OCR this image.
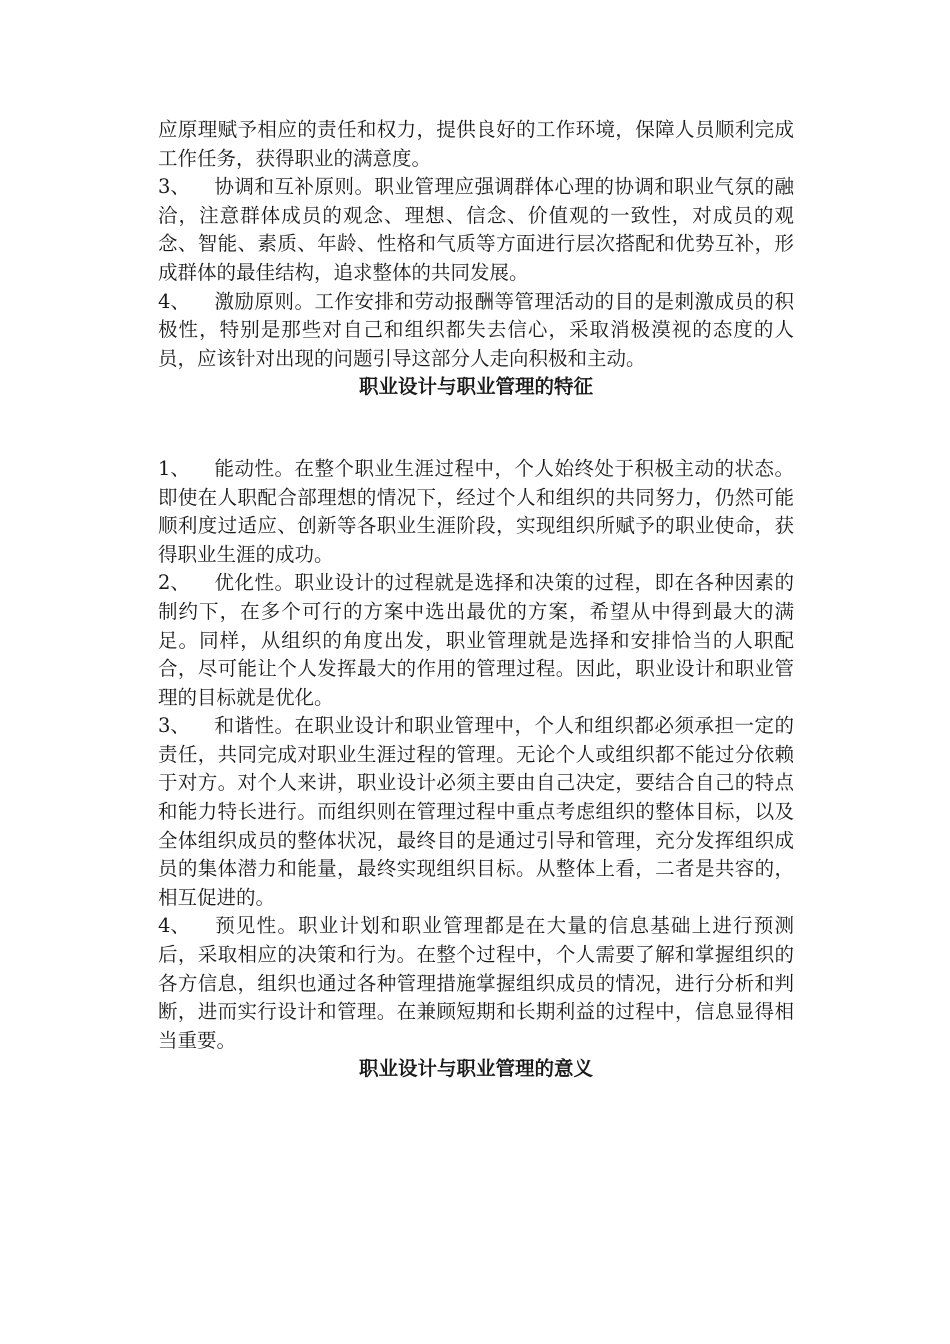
应原理赋予相应的责任和权力，提供良好的工作环境，保障人员顺利完成工作任务，获得职业的满意度。

3、 协调和互补原则。职业管理应强调群体心理的协调和职业气氛的融洽，注意群体成员的观念、理想、信念、价值观的一致性，对成员的观念、智能、素质、年龄、性格和气质等方面进行层次搭配和优势互补，形成群体的最佳结构，追求整体的共同发展。

4、 激励原则。工作安排和劳动报酬等管理活动的目的是刺激成员的积极性，特别是那些对自己和组织都失去信心，采取消极漠视的态度的人员，应该针对出现的问题引导这部分人走向积极和主动。

职业设计与职业管理的特征

1、 能动性。在整个职业生涯过程中，个人始终处于积极主动的状态。即使在人职配合部理想的情况下，经过个人和组织的共同努力，仍然可能顺利度过适应、创新等各职业生涯阶段，实现组织所赋予的职业使命，获得职业生涯的成功。

2、 优化性。职业设计的过程就是选择和决策的过程，即在各种因素的制约下，在多个可行的方案中选出最优的方案，希望从中得到最大的满足。同样，从组织的角度出发，职业管理就是选择和安排恰当的人职配合，尽可能让个人发挥最大的作用的管理过程。因此，职业设计和职业管理的目标就是优化。

3、 和谐性。在职业设计和职业管理中，个人和组织都必须承担一定的责任，共同完成对职业生涯过程的管理。无论个人或组织都不能过分依赖于对方。对个人来讲，职业设计必须主要由自己决定，要结合自己的特点和能力特长进行。而组织则在管理过程中重点考虑组织的整体目标，以及全体组织成员的整体状况，最终目的是通过引导和管理，充分发挥组织成员的集体潜力和能量，最终实现组织目标。从整体上看，二者是共容的，相互促进的。

4、 预见性。职业计划和职业管理都是在大量的信息基础上进行预测后，采取相应的决策和行为。在整个过程中，个人需要了解和掌握组织的各方信息，组织也通过各种管理措施掌握组织成员的情况，进行分析和判断，进而实行设计和管理。在兼顾短期和长期利益的过程中，信息显得相当重要。

职业设计与职业管理的意义
